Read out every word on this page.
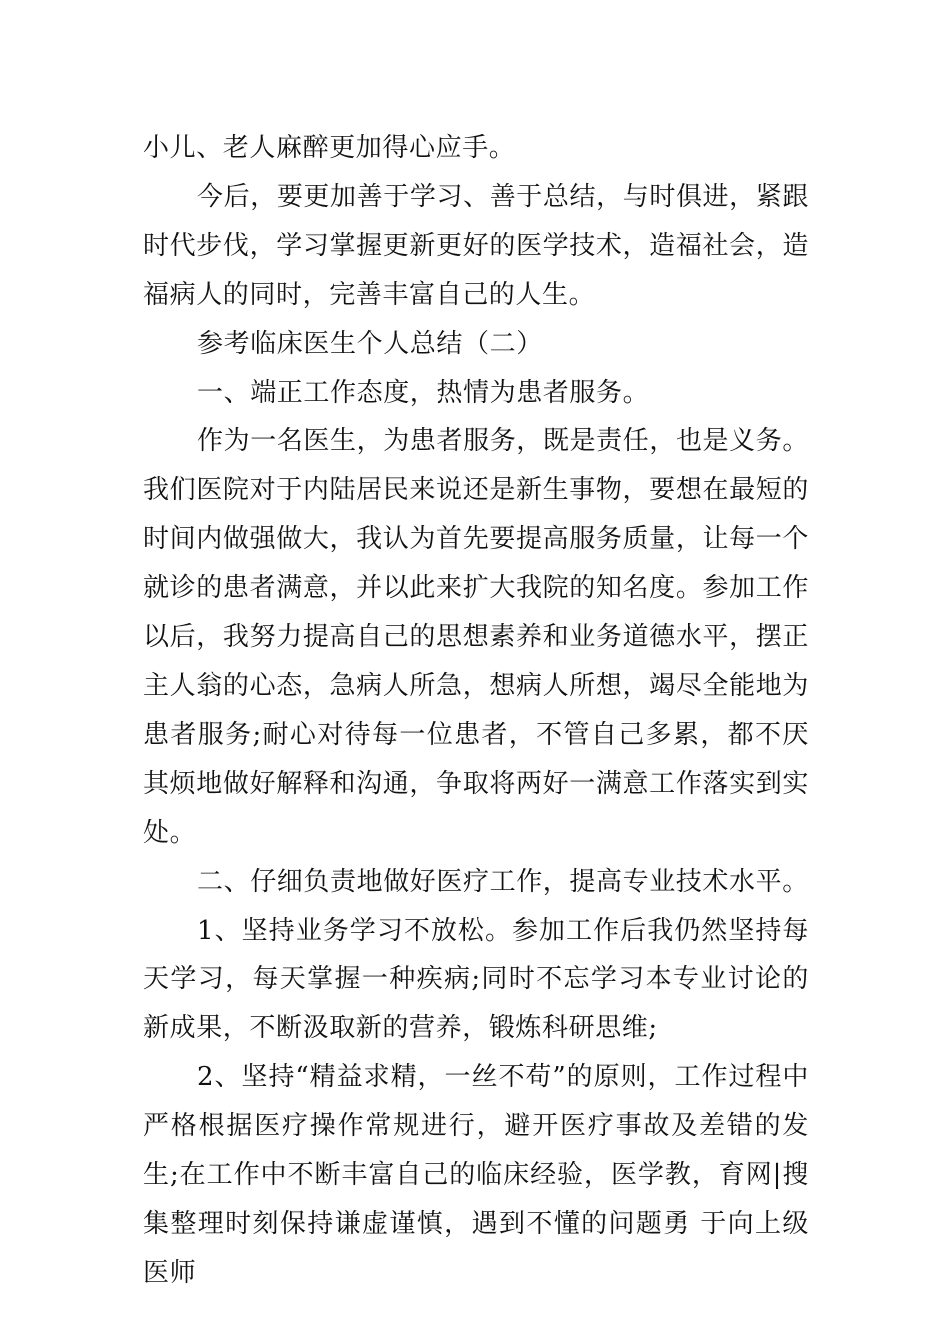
小儿、老人麻醉更加得心应手。

今后，要更加善于学习、善于总结，与时俱进，紧跟时代步伐，学习掌握更新更好的医学技术，造福社会，造福病人的同时，完善丰富自己的人生。

参考临床医生个人总结（二）

一、端正工作态度，热情为患者服务。

作为一名医生，为患者服务，既是责任，也是义务。我们医院对于内陆居民来说还是新生事物，要想在最短的时间内做强做大，我认为首先要提高服务质量，让每一个就诊的患者满意，并以此来扩大我院的知名度。参加工作以后，我努力提高自己的思想素养和业务道德水平，摆正主人翁的心态，急病人所急，想病人所想，竭尽全能地为患者服务;耐心对待每一位患者，不管自己多累，都不厌其烦地做好解释和沟通，争取将两好一满意工作落实到实处。

二、仔细负责地做好医疗工作，提高专业技术水平。

1、坚持业务学习不放松。参加工作后我仍然坚持每天学习，每天掌握一种疾病;同时不忘学习本专业讨论的新成果，不断汲取新的营养，锻炼科研思维;

2、坚持“精益求精，一丝不苟”的原则，工作过程中严格根据医疗操作常规进行，避开医疗事故及差错的发生;在工作中不断丰富自己的临床经验，医学教，育网|搜集整理时刻保持谦虚谨慎，遇到不懂的问题勇 于向上级 医师
